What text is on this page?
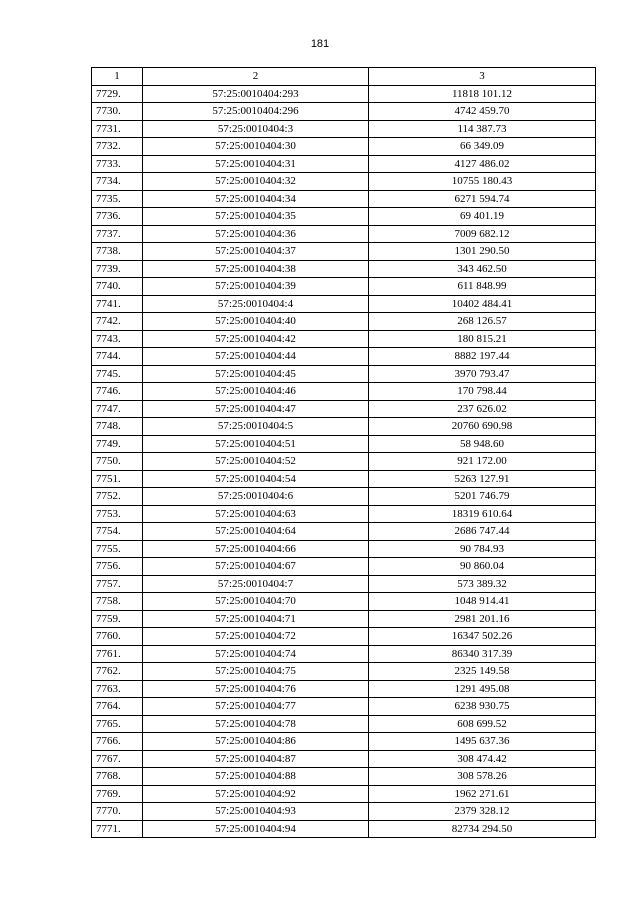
181
1	2	3
7729.	57:25:0010404:293	11818 101.12
7730.	57:25:0010404:296	4742 459.70
7731.	57:25:0010404:3	114 387.73
7732.	57:25:0010404:30	66 349.09
7733.	57:25:0010404:31	4127 486.02
7734.	57:25:0010404:32	10755 180.43
7735.	57:25:0010404:34	6271 594.74
7736.	57:25:0010404:35	69 401.19
7737.	57:25:0010404:36	7009 682.12
7738.	57:25:0010404:37	1301 290.50
7739.	57:25:0010404:38	343 462.50
7740.	57:25:0010404:39	611 848.99
7741.	57:25:0010404:4	10402 484.41
7742.	57:25:0010404:40	268 126.57
7743.	57:25:0010404:42	180 815.21
7744.	57:25:0010404:44	8882 197.44
7745.	57:25:0010404:45	3970 793.47
7746.	57:25:0010404:46	170 798.44
7747.	57:25:0010404:47	237 626.02
7748.	57:25:0010404:5	20760 690.98
7749.	57:25:0010404:51	58 948.60
7750.	57:25:0010404:52	921 172.00
7751.	57:25:0010404:54	5263 127.91
7752.	57:25:0010404:6	5201 746.79
7753.	57:25:0010404:63	18319 610.64
7754.	57:25:0010404:64	2686 747.44
7755.	57:25:0010404:66	90 784.93
7756.	57:25:0010404:67	90 860.04
7757.	57:25:0010404:7	573 389.32
7758.	57:25:0010404:70	1048 914.41
7759.	57:25:0010404:71	2981 201.16
7760.	57:25:0010404:72	16347 502.26
7761.	57:25:0010404:74	86340 317.39
7762.	57:25:0010404:75	2325 149.58
7763.	57:25:0010404:76	1291 495.08
7764.	57:25:0010404:77	6238 930.75
7765.	57:25:0010404:78	608 699.52
7766.	57:25:0010404:86	1495 637.36
7767.	57:25:0010404:87	308 474.42
7768.	57:25:0010404:88	308 578.26
7769.	57:25:0010404:92	1962 271.61
7770.	57:25:0010404:93	2379 328.12
7771.	57:25:0010404:94	82734 294.50
